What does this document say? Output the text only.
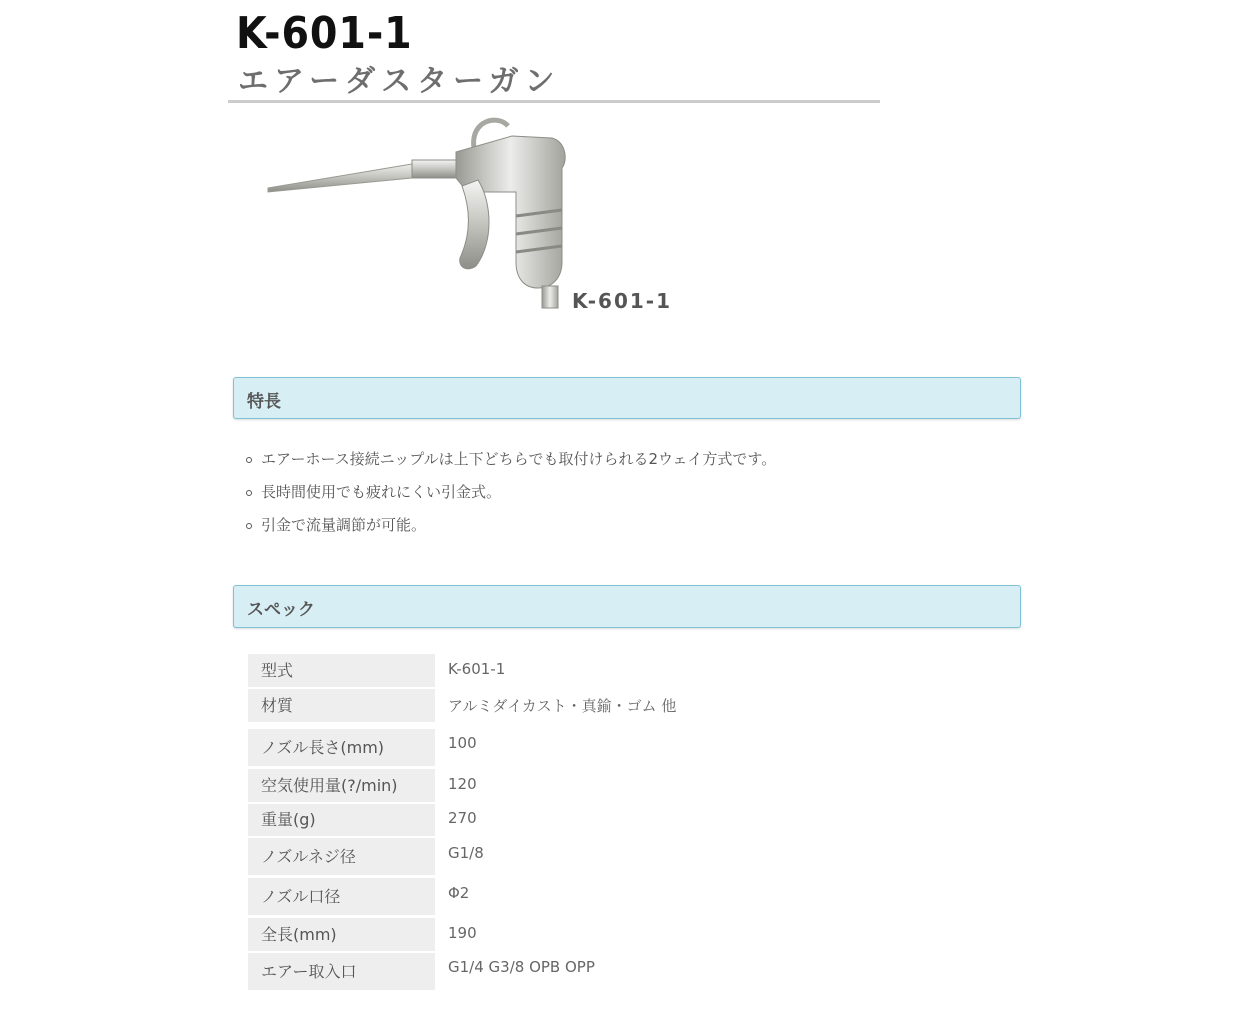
K-601-1
エアーダスターガン
K-601-1
特長
エアーホース接続ニップルは上下どちらでも取付けられる2ウェイ方式です。
長時間使用でも疲れにくい引金式。
引金で流量調節が可能。
スペック
型式	K-601-1
材質	アルミダイカスト・真鍮・ゴム 他
ノズル長さ(mm)	100
空気使用量(?/min)	120
重量(g)	270
ノズルネジ径	G1/8
ノズル口径	Φ2
全長(mm)	190
エアー取入口	G1/4 G3/8 OPB OPP
